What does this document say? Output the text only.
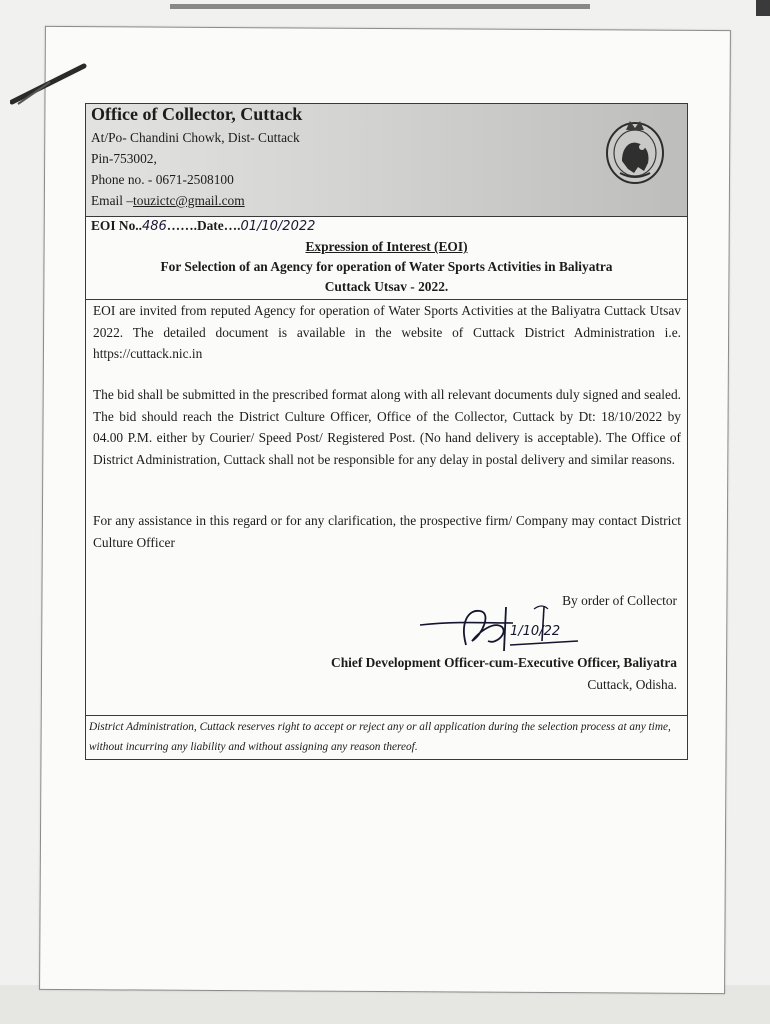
Office of Collector, Cuttack
At/Po- Chandini Chowk, Dist- Cuttack
Pin-753002,
Phone no. - 0671-2508100
Email –touzictc@gmail.com
EOI No..486…….Date….01/10/2022
Expression of Interest (EOI)
For Selection of an Agency for operation of Water Sports Activities in Baliyatra
Cuttack Utsav - 2022.
EOI are invited from reputed Agency for operation of Water Sports Activities at the Baliyatra Cuttack Utsav 2022. The detailed document is available in the website of Cuttack District Administration i.e. https://cuttack.nic.in
The bid shall be submitted in the prescribed format along with all relevant documents duly signed and sealed. The bid should reach the District Culture Officer, Office of the Collector, Cuttack by Dt: 18/10/2022 by 04.00 P.M. either by Courier/ Speed Post/ Registered Post. (No hand delivery is acceptable). The Office of District Administration, Cuttack shall not be responsible for any delay in postal delivery and similar reasons.
For any assistance in this regard or for any clarification, the prospective firm/ Company may contact District Culture Officer
By order of Collector
1/10/22
Chief Development Officer-cum-Executive Officer, Baliyatra
Cuttack, Odisha.
District Administration, Cuttack reserves right to accept or reject any or all application during the selection process at any time, without incurring any liability and without assigning any reason thereof.
